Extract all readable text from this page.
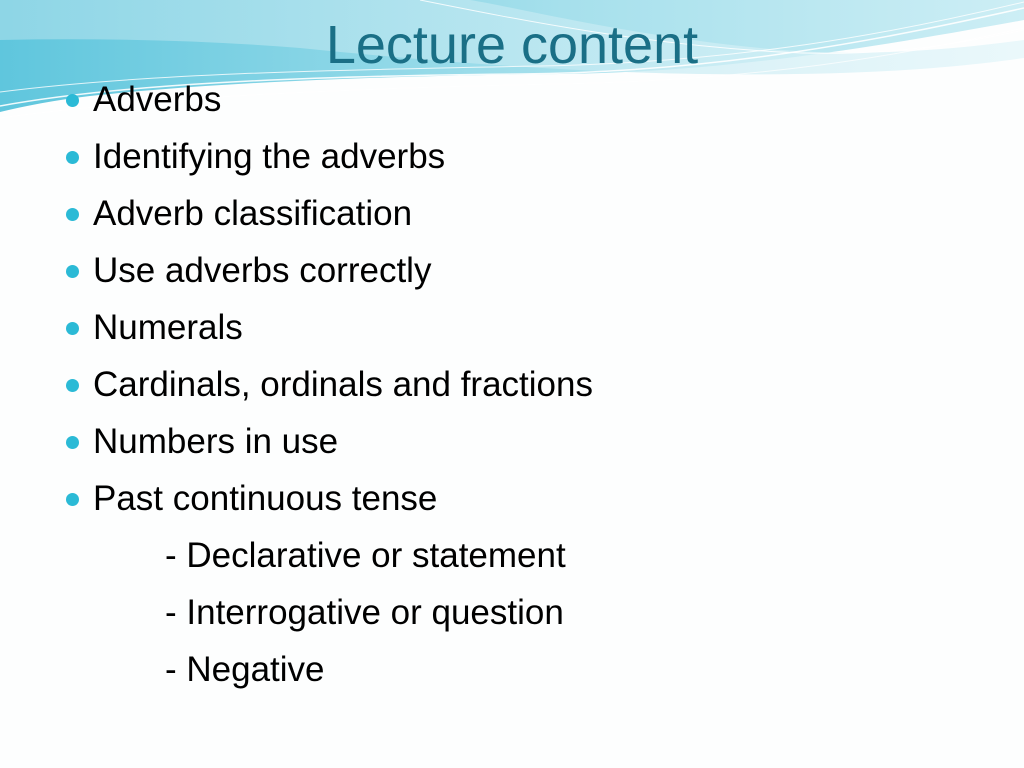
Lecture content
Adverbs
Identifying the adverbs
Adverb classification
Use adverbs correctly
Numerals
Cardinals, ordinals and fractions
Numbers in use
Past continuous tense
- Declarative or statement
- Interrogative or question
- Negative
